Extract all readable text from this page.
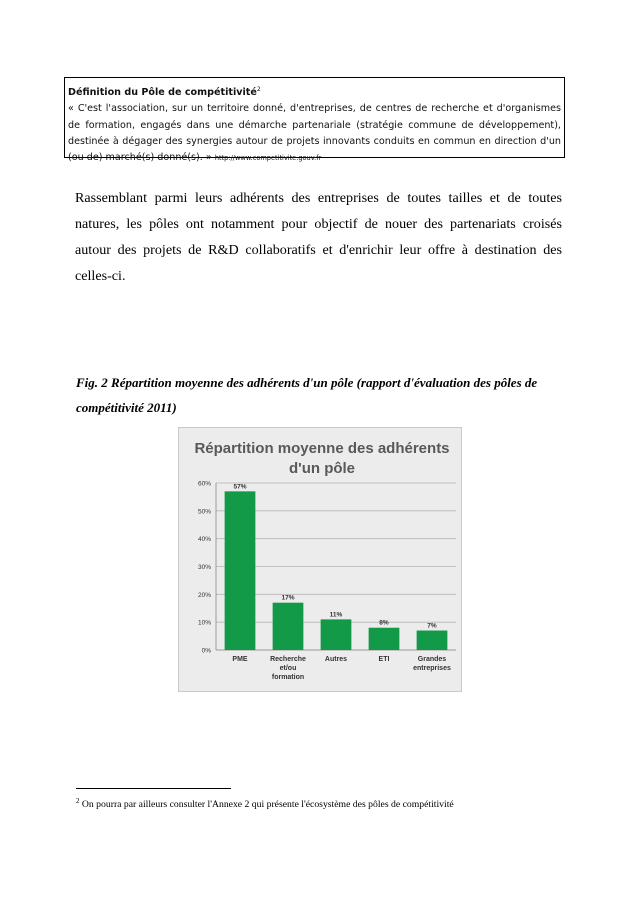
Définition du Pôle de compétitivité$^2$
« C'est l'association, sur un territoire donné, d'entreprises, de centres de recherche et d'organismes de formation, engagés dans une démarche partenariale (stratégie commune de développement), destinée à dégager des synergies autour de projets innovants conduits en commun en direction d'un (ou de) marché(s) donné(s). » http://www.competitivite.gouv.fr
Rassemblant parmi leurs adhérents des entreprises de toutes tailles et de toutes natures, les pôles ont notamment pour objectif de nouer des partenariats croisés autour des projets de R&D collaboratifs et d'enrichir leur offre à destination des celles-ci.
Fig. 2 Répartition moyenne des adhérents d'un pôle (rapport d'évaluation des pôles de compétitivité 2011)
Répartition moyenne des adhérents
d'un pôle
0%
10%
20%
30%
40%
50%
60%	57%
PME
17%
Recherche
et/ou
formation
11%
Autres
8%
ETI
7%
Grandes
entreprises
$^2$ On pourra par ailleurs consulter l'Annexe 2 qui présente l'écosystème des pôles de compétitivité
